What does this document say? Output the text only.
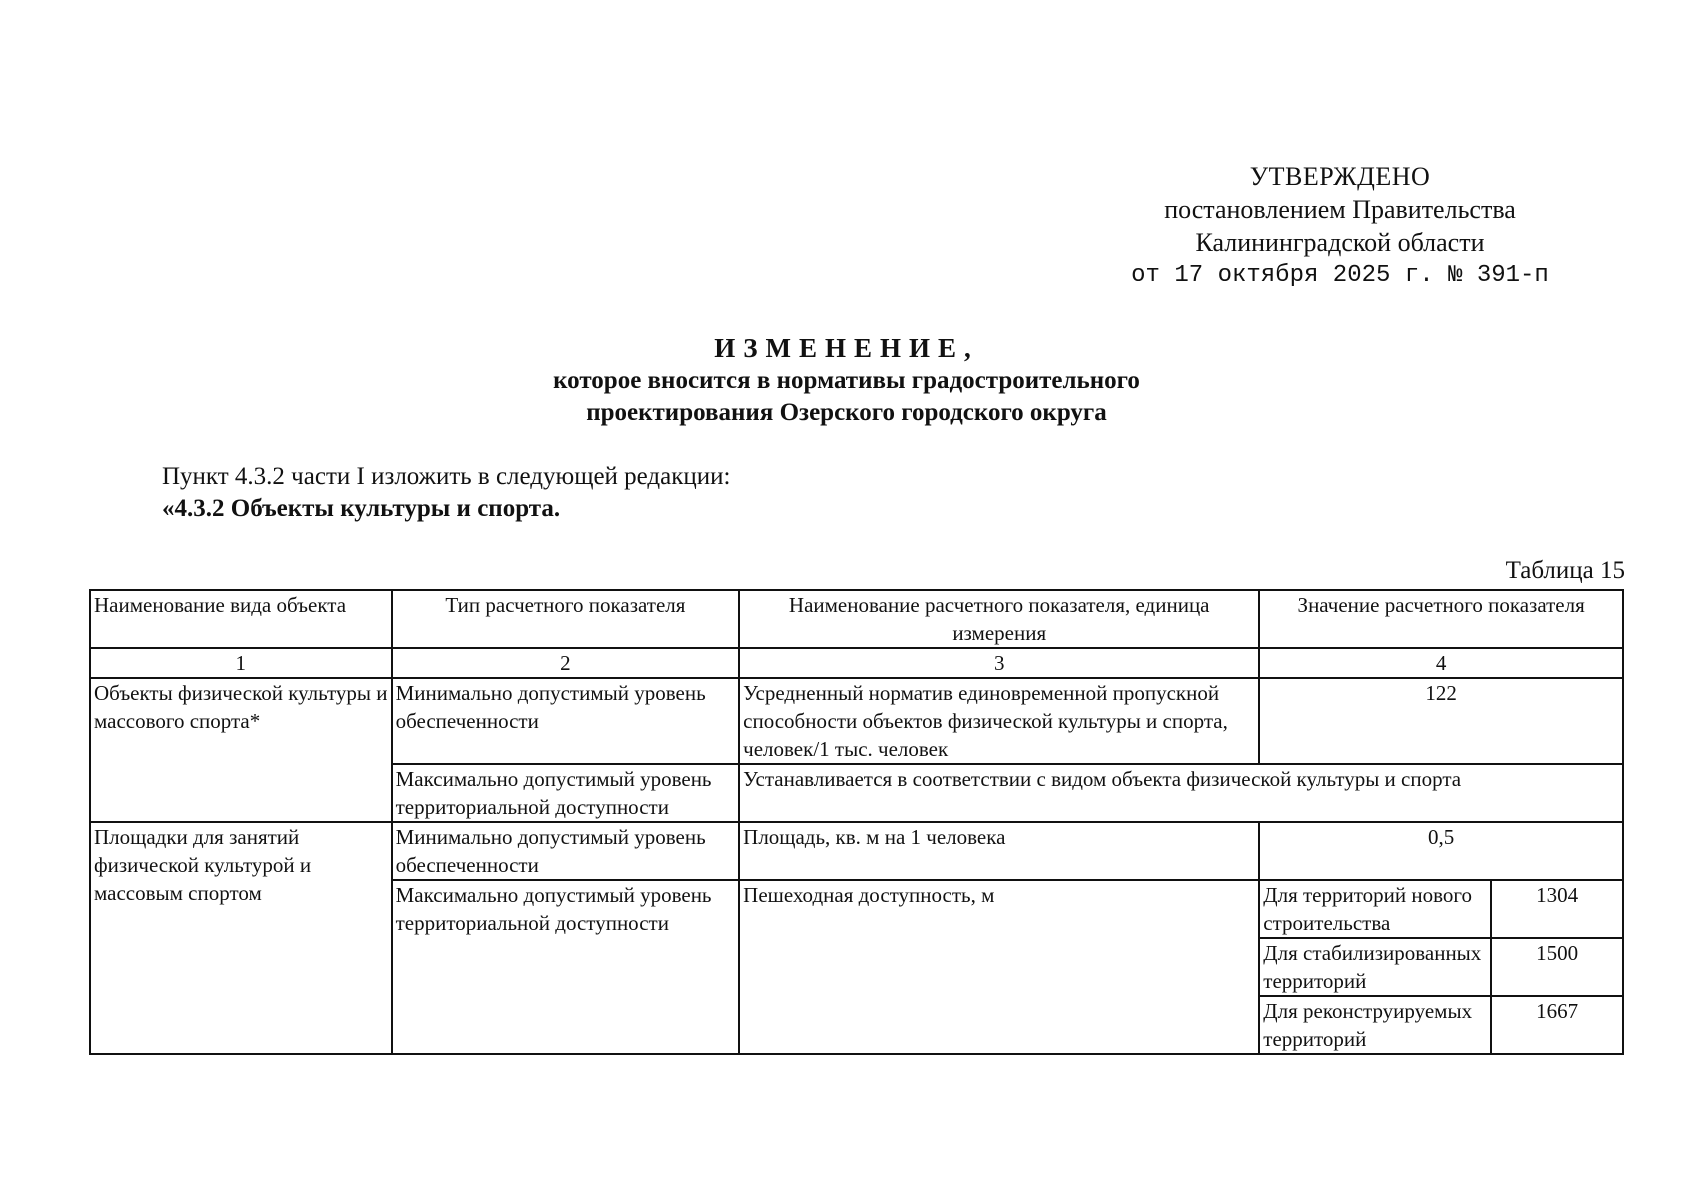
УТВЕРЖДЕНО
постановлением Правительства
Калининградской области
от 17 октября 2025 г. № 391-п
ИЗМЕНЕНИЕ,
которое вносится в нормативы градостроительного
проектирования Озерского городского округа
Пункт 4.3.2 части I изложить в следующей редакции:
«4.3.2 Объекты культуры и спорта.
Таблица 15
Наименование вида объекта	Тип расчетного показателя	Наименование расчетного показателя, единица измерения	Значение расчетного показателя	
1	2	3	4	
Объекты физической культуры и массового спорта*	Минимально допустимый уровень обеспеченности	Усредненный норматив единовременной пропускной способности объектов физической культуры и спорта, человек/1 тыс. человек	122	
	Максимально допустимый уровень территориальной доступности	Устанавливается в соответствии с видом объекта физической культуры и спорта		
Площадки для занятий физической культурой и массовым спортом	Минимально допустимый уровень обеспеченности	Площадь, кв. м на 1 человека	0,5	
	Максимально допустимый уровень территориальной доступности	Пешеходная доступность, м	Для территорий нового строительства	1304
			Для стабилизированных территорий	1500
			Для реконструируемых территорий	1667
